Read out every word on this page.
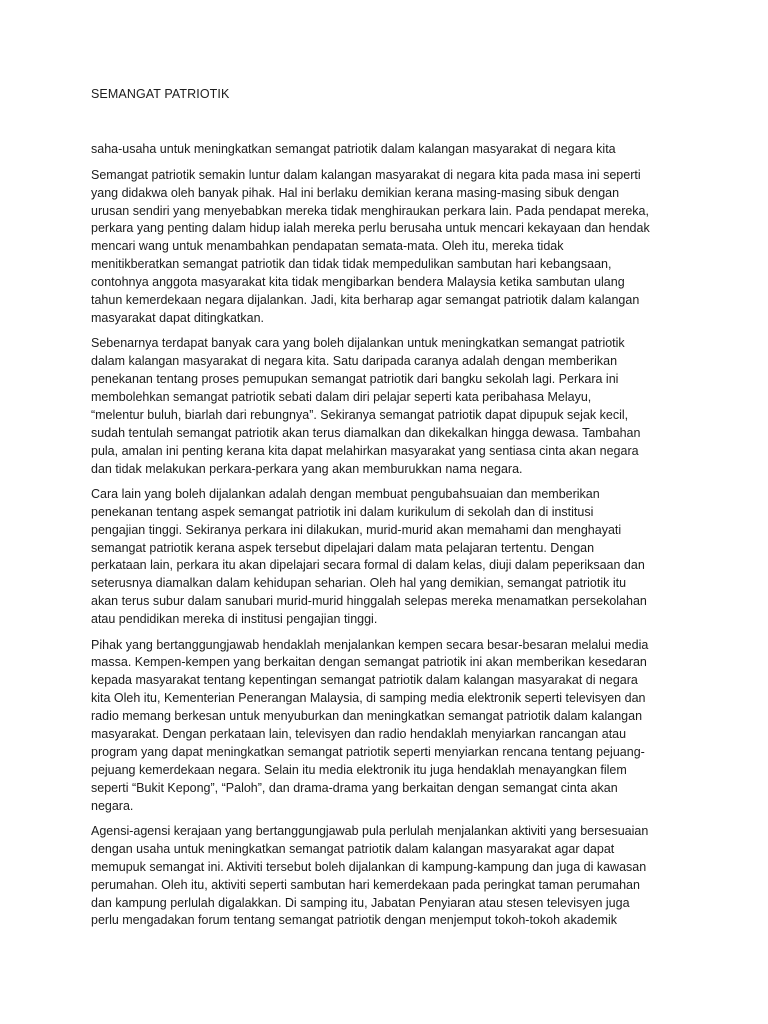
SEMANGAT PATRIOTIK
saha-usaha untuk meningkatkan semangat patriotik dalam kalangan masyarakat di negara kita
Semangat patriotik semakin luntur dalam kalangan masyarakat di negara kita pada masa ini seperti
yang didakwa oleh banyak pihak. Hal ini berlaku demikian kerana masing-masing sibuk dengan
urusan sendiri yang menyebabkan mereka tidak menghiraukan perkara lain. Pada pendapat mereka,
perkara yang penting dalam hidup ialah mereka perlu berusaha untuk mencari kekayaan dan hendak
mencari wang untuk menambahkan pendapatan semata-mata. Oleh itu, mereka tidak
menitikberatkan semangat patriotik dan tidak tidak mempedulikan sambutan hari kebangsaan,
contohnya anggota masyarakat kita tidak mengibarkan bendera Malaysia ketika sambutan ulang
tahun kemerdekaan negara dijalankan. Jadi, kita berharap agar semangat patriotik dalam kalangan
masyarakat dapat ditingkatkan.
Sebenarnya terdapat banyak cara yang boleh dijalankan untuk meningkatkan semangat patriotik
dalam kalangan masyarakat di negara kita. Satu daripada caranya adalah dengan memberikan
penekanan tentang proses pemupukan semangat patriotik dari bangku sekolah lagi. Perkara ini
membolehkan semangat patriotik sebati dalam diri pelajar seperti kata peribahasa Melayu,
“melentur buluh, biarlah dari rebungnya”. Sekiranya semangat patriotik dapat dipupuk sejak kecil,
sudah tentulah semangat patriotik akan terus diamalkan dan dikekalkan hingga dewasa. Tambahan
pula, amalan ini penting kerana kita dapat melahirkan masyarakat yang sentiasa cinta akan negara
dan tidak melakukan perkara-perkara yang akan memburukkan nama negara.
Cara lain yang boleh dijalankan adalah dengan membuat pengubahsuaian dan memberikan
penekanan tentang aspek semangat patriotik ini dalam kurikulum di sekolah dan di institusi
pengajian tinggi. Sekiranya perkara ini dilakukan, murid-murid akan memahami dan menghayati
semangat patriotik kerana aspek tersebut dipelajari dalam mata pelajaran tertentu. Dengan
perkataan lain, perkara itu akan dipelajari secara formal di dalam kelas, diuji dalam peperiksaan dan
seterusnya diamalkan dalam kehidupan seharian. Oleh hal yang demikian, semangat patriotik itu
akan terus subur dalam sanubari murid-murid hinggalah selepas mereka menamatkan persekolahan
atau pendidikan mereka di institusi pengajian tinggi.
Pihak yang bertanggungjawab hendaklah menjalankan kempen secara besar-besaran melalui media
massa. Kempen-kempen yang berkaitan dengan semangat patriotik ini akan memberikan kesedaran
kepada masyarakat tentang kepentingan semangat patriotik dalam kalangan masyarakat di negara
kita Oleh itu, Kementerian Penerangan Malaysia, di samping media elektronik seperti televisyen dan
radio memang berkesan untuk menyuburkan dan meningkatkan semangat patriotik dalam kalangan
masyarakat. Dengan perkataan lain, televisyen dan radio hendaklah menyiarkan rancangan atau
program yang dapat meningkatkan semangat patriotik seperti menyiarkan rencana tentang pejuang-
pejuang kemerdekaan negara. Selain itu media elektronik itu juga hendaklah menayangkan filem
seperti “Bukit Kepong”, “Paloh”, dan drama-drama yang berkaitan dengan semangat cinta akan
negara.
Agensi-agensi kerajaan yang bertanggungjawab pula perlulah menjalankan aktiviti yang bersesuaian
dengan usaha untuk meningkatkan semangat patriotik dalam kalangan masyarakat agar dapat
memupuk semangat ini. Aktiviti tersebut boleh dijalankan di kampung-kampung dan juga di kawasan
perumahan. Oleh itu, aktiviti seperti sambutan hari kemerdekaan pada peringkat taman perumahan
dan kampung perlulah digalakkan. Di samping itu, Jabatan Penyiaran atau stesen televisyen juga
perlu mengadakan forum tentang semangat patriotik dengan menjemput tokoh-tokoh akademik
